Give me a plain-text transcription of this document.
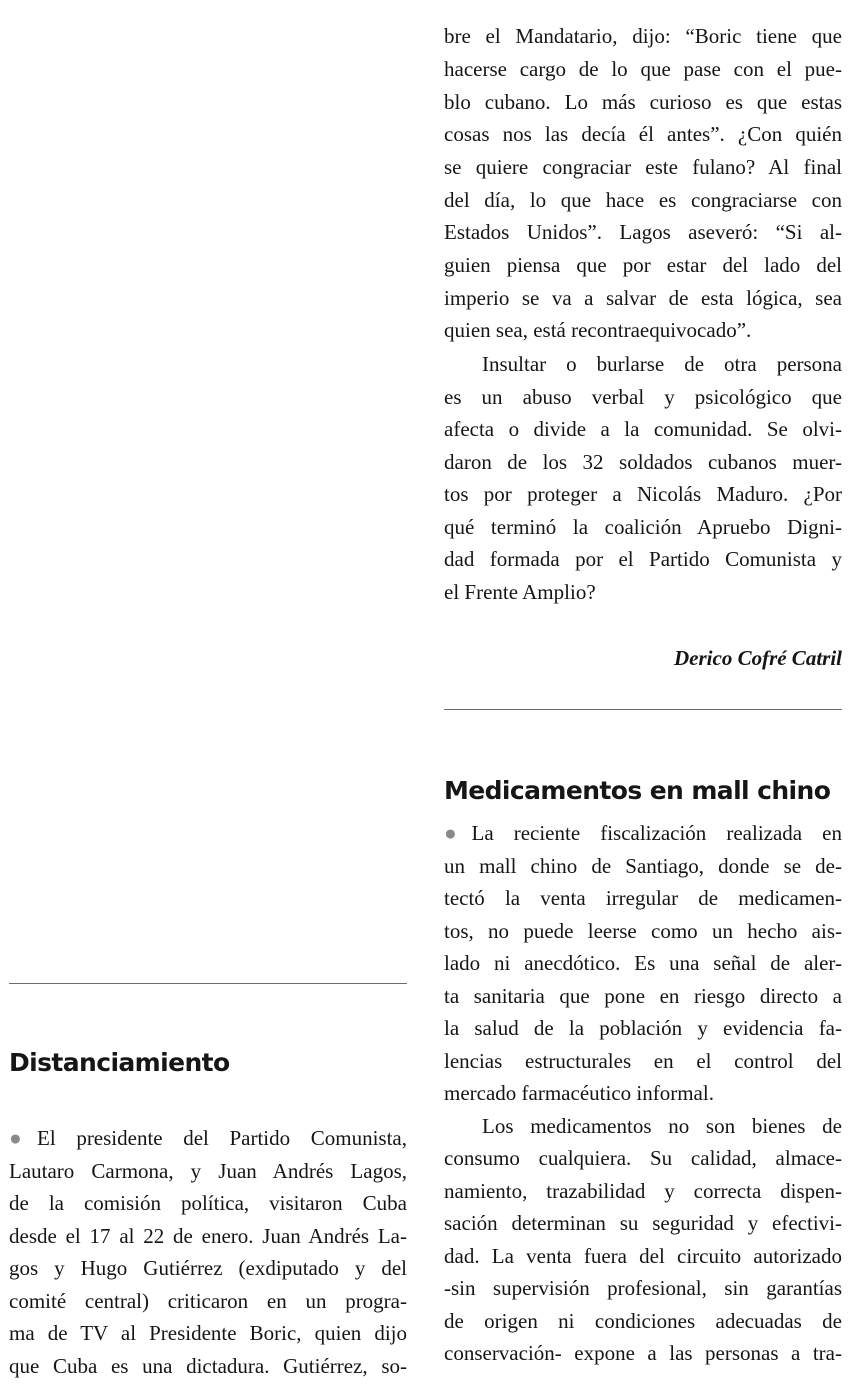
Distanciamiento
●El presidente del Partido Comunista,
Lautaro Carmona, y Juan Andrés Lagos,
de la comisión política, visitaron Cuba
desde el 17 al 22 de enero. Juan Andrés La-
gos y Hugo Gutiérrez (exdiputado y del
comité central) criticaron en un progra-
ma de TV al Presidente Boric, quien dijo
que Cuba es una dictadura. Gutiérrez, so-
bre el Mandatario, dijo: “Boric tiene que
hacerse cargo de lo que pase con el pue-
blo cubano. Lo más curioso es que estas
cosas nos las decía él antes”. ¿Con quién
se quiere congraciar este fulano? Al final
del día, lo que hace es congraciarse con
Estados Unidos”. Lagos aseveró: “Si al-
guien piensa que por estar del lado del
imperio se va a salvar de esta lógica, sea
quien sea, está recontraequivocado”.
Insultar o burlarse de otra persona
es un abuso verbal y psicológico que
afecta o divide a la comunidad. Se olvi-
daron de los 32 soldados cubanos muer-
tos por proteger a Nicolás Maduro. ¿Por
qué terminó la coalición Apruebo Digni-
dad formada por el Partido Comunista y
el Frente Amplio?
Derico Cofré Catril
Medicamentos en mall chino
●La reciente fiscalización realizada en
un mall chino de Santiago, donde se de-
tectó la venta irregular de medicamen-
tos, no puede leerse como un hecho ais-
lado ni anecdótico. Es una señal de aler-
ta sanitaria que pone en riesgo directo a
la salud de la población y evidencia fa-
lencias estructurales en el control del
mercado farmacéutico informal.
Los medicamentos no son bienes de
consumo cualquiera. Su calidad, almace-
namiento, trazabilidad y correcta dispen-
sación determinan su seguridad y efectivi-
dad. La venta fuera del circuito autorizado
-sin supervisión profesional, sin garantías
de origen ni condiciones adecuadas de
conservación- expone a las personas a tra-
